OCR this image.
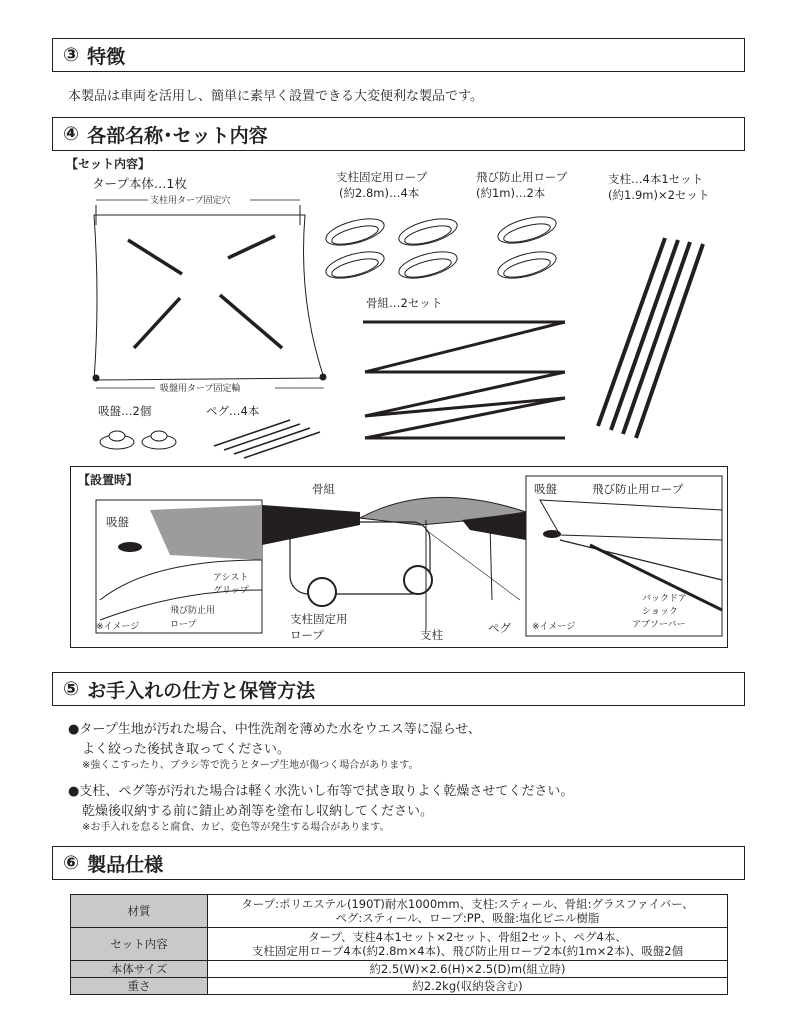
③ 特徴
本製品は車両を活用し、簡単に素早く設置できる大変便利な製品です。
④ 各部名称･セット内容
【セット内容】
タープ本体…1枚
支柱用タープ固定穴
吸盤用タープ固定輪
支柱固定用ロープ
(約2.8m)…4本
飛び防止用ロープ
(約1m)…2本
支柱…4本1セット
(約1.9m)×2セット
骨組…2セット
吸盤…2個	ペグ…4本
【設置時】
骨組
吸盤
アシスト
グリップ
飛び防止用
ロープ
※イメージ
支柱固定用
ロープ	支柱	ペグ
吸盤	飛び防止用ロープ
バックドア
ショック
アブソーバー
※イメージ
⑤ お手入れの仕方と保管方法
●タープ生地が汚れた場合、中性洗剤を薄めた水をウエス等に湿らせ、
よく絞った後拭き取ってください。
※強くこすったり、ブラシ等で洗うとタープ生地が傷つく場合があります。
●支柱、ペグ等が汚れた場合は軽く水洗いし布等で拭き取りよく乾燥させてください。
乾燥後収納する前に錆止め剤等を塗布し収納してください。
※お手入れを怠ると腐食、カビ、変色等が発生する場合があります。
⑥ 製品仕様
材質	タープ:ポリエステル(190T)耐水1000mm、支柱:スティール、骨組:グラスファイバー、
ペグ:スティール、ロープ:PP、吸盤:塩化ビニル樹脂
セット内容	タープ、支柱4本1セット×2セット、骨組2セット、ペグ4本、
支柱固定用ロープ4本(約2.8m×4本)、飛び防止用ロープ2本(約1m×2本)、吸盤2個
本体サイズ	約2.5(W)×2.6(H)×2.5(D)m(組立時)
重さ	約2.2kg(収納袋含む)
